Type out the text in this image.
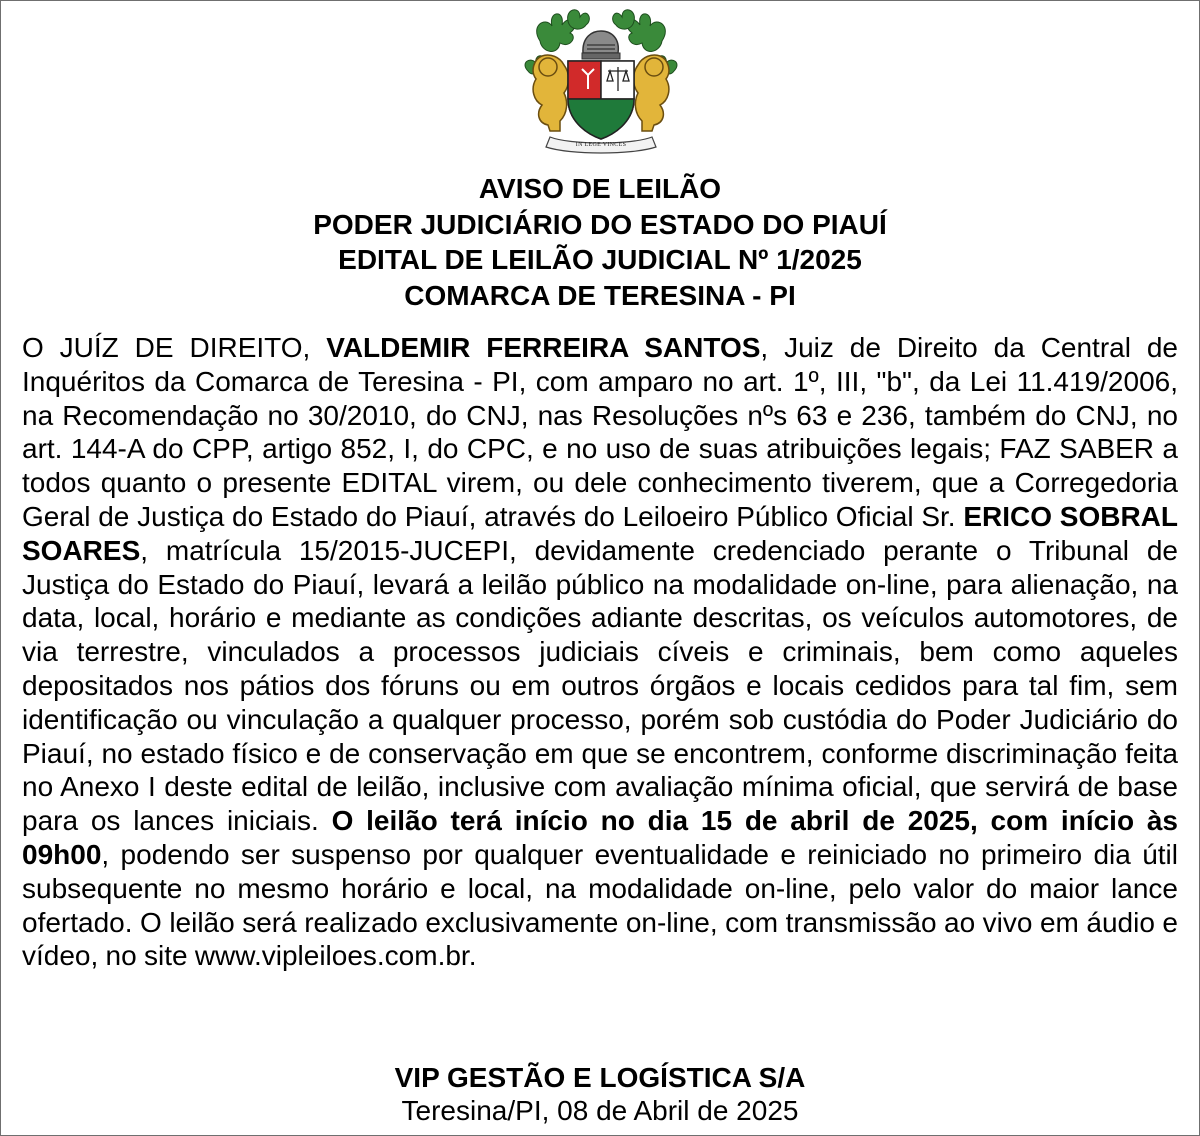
IN LEGE VINCES
AVISO DE LEILÃO
PODER JUDICIÁRIO DO ESTADO DO PIAUÍ
EDITAL DE LEILÃO JUDICIAL Nº 1/2025
COMARCA DE TERESINA - PI
O JUÍZ DE DIREITO, VALDEMIR FERREIRA SANTOS, Juiz de Direito da Central de Inquéritos da Comarca de Teresina - PI, com amparo no art. 1º, III, "b", da Lei 11.419/2006, na Recomendação no 30/2010, do CNJ, nas Resoluções nºs 63 e 236, também do CNJ, no art. 144-A do CPP, artigo 852, I, do CPC, e no uso de suas atribuições legais; FAZ SABER a todos quanto o presente EDITAL virem, ou dele conhecimento tiverem, que a Corregedoria Geral de Justiça do Estado do Piauí, através do Leiloeiro Público Oficial Sr. ERICO SOBRAL SOARES, matrícula 15/2015-JUCEPI, devidamente credenciado perante o Tribunal de Justiça do Estado do Piauí, levará a leilão público na modalidade on-line, para alienação, na data, local, horário e mediante as condições adiante descritas, os veículos automotores, de via terrestre, vinculados a processos judiciais cíveis e criminais, bem como aqueles depositados nos pátios dos fóruns ou em outros órgãos e locais cedidos para tal fim, sem identificação ou vinculação a qualquer processo, porém sob custódia do Poder Judiciário do Piauí, no estado físico e de conservação em que se encontrem, conforme discriminação feita no Anexo I deste edital de leilão, inclusive com avaliação mínima oficial, que servirá de base para os lances iniciais. O leilão terá início no dia 15 de abril de 2025, com início às 09h00, podendo ser suspenso por qualquer eventualidade e reiniciado no primeiro dia útil subsequente no mesmo horário e local, na modalidade on-line, pelo valor do maior lance ofertado. O leilão será realizado exclusivamente on-line, com transmissão ao vivo em áudio e vídeo, no site www.vipleiloes.com.br.
VIP GESTÃO E LOGÍSTICA S/A
Teresina/PI, 08 de Abril de 2025
